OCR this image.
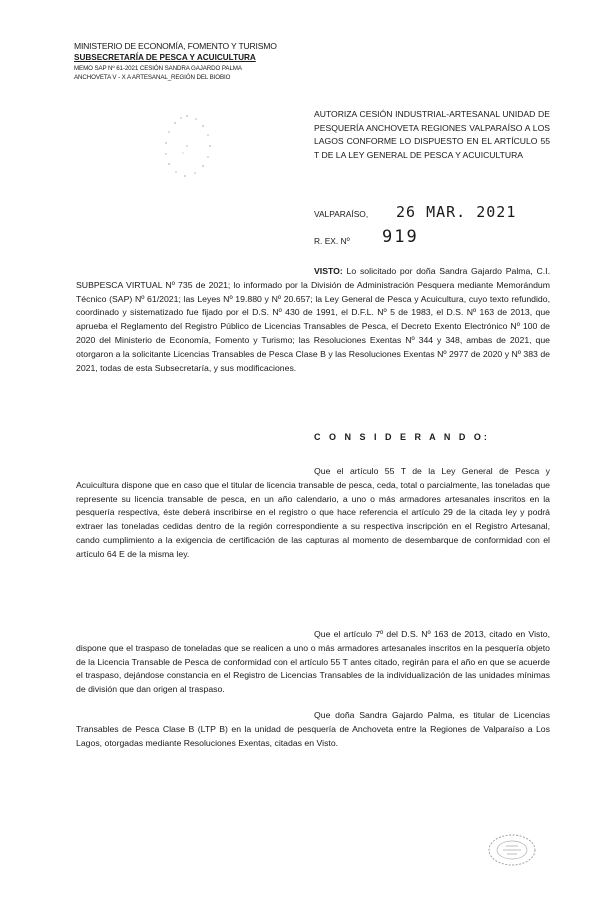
MINISTERIO DE ECONOMÍA, FOMENTO Y TURISMO
SUBSECRETARÍA DE PESCA Y ACUICULTURA
MEMO SAP Nº 61-2021 CESIÓN SANDRA GAJARDO PALMA
ANCHOVETA V - X A ARTESANAL_REGIÓN DEL BIOBIO
AUTORIZA CESIÓN INDUSTRIAL-ARTESANAL UNIDAD DE PESQUERÍA ANCHOVETA REGIONES VALPARAÍSO A LOS LAGOS CONFORME LO DISPUESTO EN EL ARTÍCULO 55 T DE LA LEY GENERAL DE PESCA Y ACUICULTURA
VALPARAÍSO, 26 MAR. 2021
R. EX. Nº 919
VISTO: Lo solicitado por doña Sandra Gajardo Palma, C.I. SUBPESCA VIRTUAL Nº 735 de 2021; lo informado por la División de Administración Pesquera mediante Memorándum Técnico (SAP) Nº 61/2021; las Leyes Nº 19.880 y Nº 20.657; la Ley General de Pesca y Acuicultura, cuyo texto refundido, coordinado y sistematizado fue fijado por el D.S. Nº 430 de 1991, el D.F.L. Nº 5 de 1983, el D.S. Nº 163 de 2013, que aprueba el Reglamento del Registro Público de Licencias Transables de Pesca, el Decreto Exento Electrónico Nº 100 de 2020 del Ministerio de Economía, Fomento y Turismo; las Resoluciones Exentas Nº 344 y 348, ambas de 2021, que otorgaron a la solicitante Licencias Transables de Pesca Clase B y las Resoluciones Exentas Nº 2977 de 2020 y Nº 383 de 2021, todas de esta Subsecretaría, y sus modificaciones.
C O N S I D E R A N D O:
Que el artículo 55 T de la Ley General de Pesca y Acuicultura dispone que en caso que el titular de licencia transable de pesca, ceda, total o parcialmente, las toneladas que represente su licencia transable de pesca, en un año calendario, a uno o más armadores artesanales inscritos en la pesquería respectiva, éste deberá inscribirse en el registro o que hace referencia el artículo 29 de la citada ley y podrá extraer las toneladas cedidas dentro de la región correspondiente a su respectiva inscripción en el Registro Artesanal, cando cumplimiento a la exigencia de certificación de las capturas al momento de desembarque de conformidad con el artículo 64 E de la misma ley.
Que el artículo 7º del D.S. Nº 163 de 2013, citado en Visto, dispone que el traspaso de toneladas que se realicen a uno o más armadores artesanales inscritos en la pesquería objeto de la Licencia Transable de Pesca de conformidad con el artículo 55 T antes citado, regirán para el año en que se acuerde el traspaso, dejándose constancia en el Registro de Licencias Transables de la individualización de las unidades mínimas de división que dan origen al traspaso.
Que doña Sandra Gajardo Palma, es titular de Licencias Transables de Pesca Clase B (LTP B) en la unidad de pesquería de Anchoveta entre la Regiones de Valparaíso a Los Lagos, otorgadas mediante Resoluciones Exentas, citadas en Visto.
